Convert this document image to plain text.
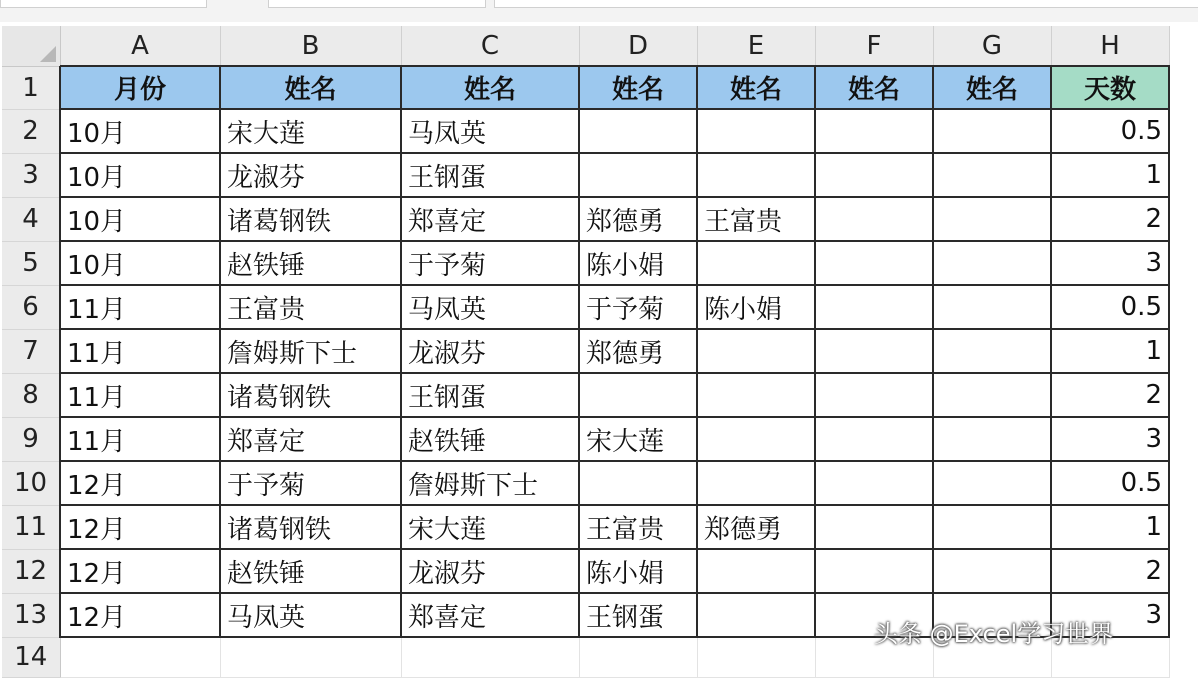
	A	B	C	D	E	F	G	H
1	月份	姓名	姓名	姓名	姓名	姓名	姓名	天数
2	10月	宋大莲	马凤英					0.5
3	10月	龙淑芬	王钢蛋					1
4	10月	诸葛钢铁	郑喜定	郑德勇	王富贵			2
5	10月	赵铁锤	于予菊	陈小娟				3
6	11月	王富贵	马凤英	于予菊	陈小娟			0.5
7	11月	詹姆斯下士	龙淑芬	郑德勇				1
8	11月	诸葛钢铁	王钢蛋					2
9	11月	郑喜定	赵铁锤	宋大莲				3
10	12月	于予菊	詹姆斯下士					0.5
11	12月	诸葛钢铁	宋大莲	王富贵	郑德勇			1
12	12月	赵铁锤	龙淑芬	陈小娟				2
13	12月	马凤英	郑喜定	王钢蛋				3
14								
头条 @Excel学习世界
